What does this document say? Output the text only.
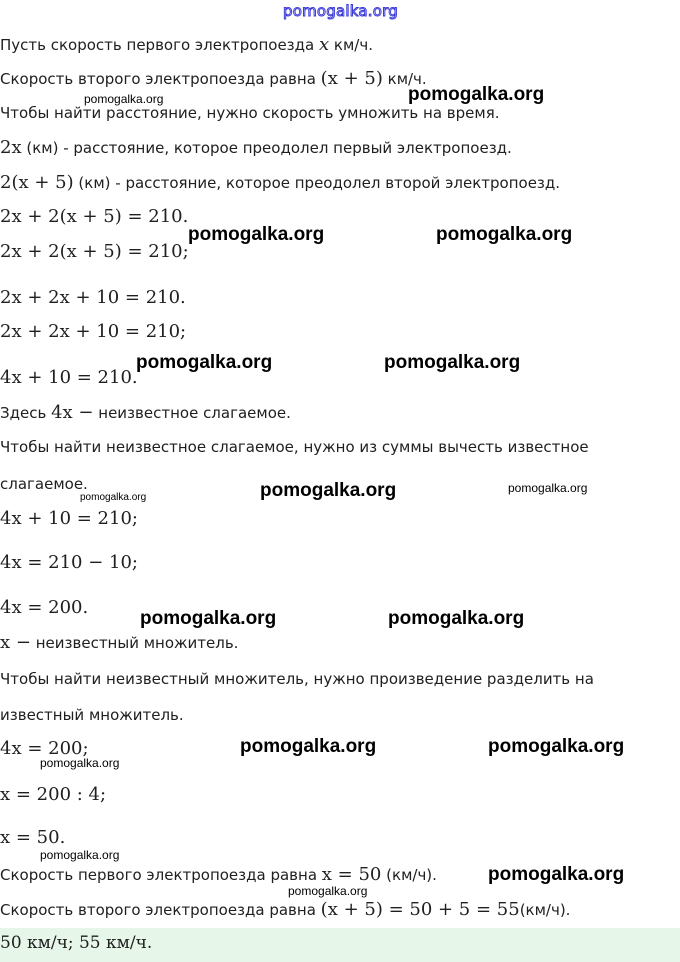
pomogalka.org
Пусть скорость первого электропоезда x км/ч.
Скорость второго электропоезда равна (x + 5) км/ч.
Чтобы найти расстояние, нужно скорость умножить на время.
2x (км) - расстояние, которое преодолел первый электропоезд.
2(x + 5) (км) - расстояние, которое преодолел второй электропоезд.
2x + 2(x + 5) = 210.
2x + 2(x + 5) = 210;
2x + 2x + 10 = 210.
2x + 2x + 10 = 210;
4x + 10 = 210.
Здесь 4x − неизвестное слагаемое.
Чтобы найти неизвестное слагаемое, нужно из суммы вычесть известное
слагаемое.
4x + 10 = 210;
4x = 210 − 10;
4x = 200.
x − неизвестный множитель.
Чтобы найти неизвестный множитель, нужно произведение разделить на
известный множитель.
4x = 200;
x = 200 : 4;
x = 50.
Скорость первого электропоезда равна x = 50 (км/ч).
Скорость второго электропоезда равна (x + 5) = 50 + 5 = 55(км/ч).
50 км/ч; 55 км/ч.
pomogalka.org	pomogalka.org
pomogalka.org	pomogalka.org
pomogalka.org	pomogalka.org
pomogalka.org	pomogalka.org	pomogalka.org
pomogalka.org	pomogalka.org
pomogalka.org	pomogalka.org
pomogalka.org
pomogalka.org
pomogalka.org
pomogalka.org
